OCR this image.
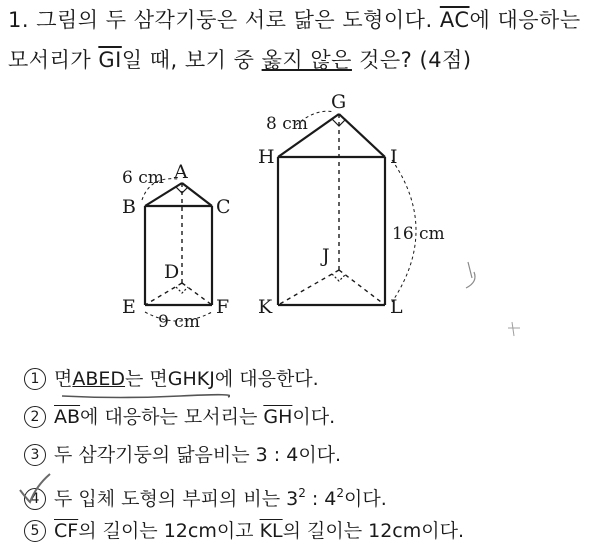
1. 그림의 두 삼각기둥은 서로 닮은 도형이다. $\overline{AC}$에 대응하는
모서리가 $\overline{GI}$일 때, 보기 중 옳지 않은 것은? (4점)
A
B	C
D
E	F
6 cm
9 cm
G
H	I
J
K	L
8 cm
16 cm
1 면ABED는 면GHKJ에 대응한다.
2 $\overline{AB}$에 대응하는 모서리는 $\overline{GH}$이다.
3 두 삼각기둥의 닮음비는 3 : 4이다.
4 두 입체 도형의 부피의 비는 $3^2$ : $4^2$이다.
5 $\overline{CF}$의 길이는 12cm이고 $\overline{KL}$의 길이는 12cm이다.
